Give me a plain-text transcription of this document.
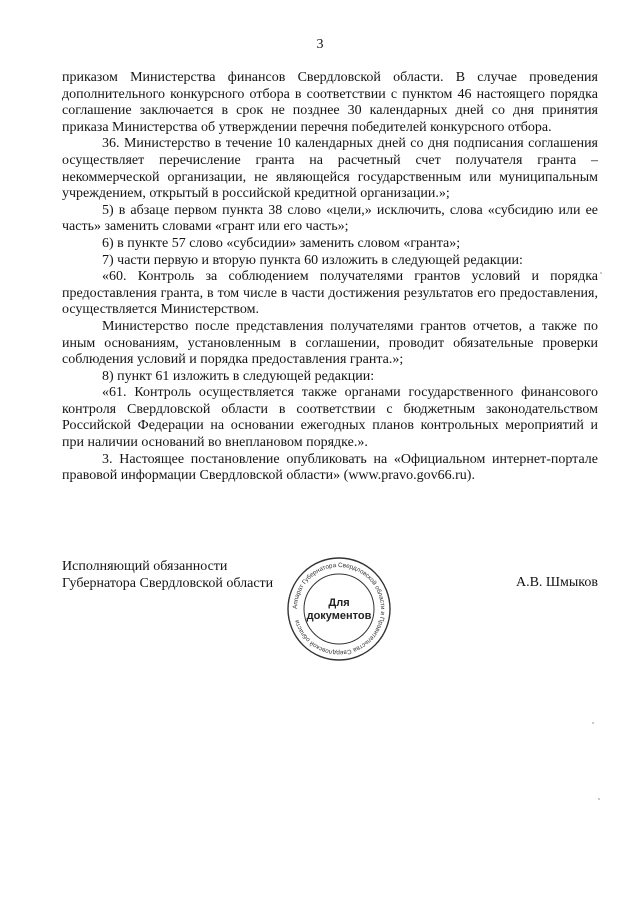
3

приказом Министерства финансов Свердловской области. В случае проведения дополнительного конкурсного отбора в соответствии с пунктом 46 настоящего порядка соглашение заключается в срок не позднее 30 календарных дней со дня принятия приказа Министерства об утверждении перечня победителей конкурсного отбора.

36. Министерство в течение 10 календарных дней со дня подписания соглашения осуществляет перечисление гранта на расчетный счет получателя гранта – некоммерческой организации, не являющейся государственным или муниципальным учреждением, открытый в российской кредитной организации.»;

5) в абзаце первом пункта 38 слово «цели,» исключить, слова «субсидию или ее часть» заменить словами «грант или его часть»;

6) в пункте 57 слово «субсидии» заменить словом «гранта»;

7) части первую и вторую пункта 60 изложить в следующей редакции:

«60. Контроль за соблюдением получателями грантов условий и порядка предоставления гранта, в том числе в части достижения результатов его предоставления, осуществляется Министерством.

Министерство после представления получателями грантов отчетов, а также по иным основаниям, установленным в соглашении, проводит обязательные проверки соблюдения условий и порядка предоставления гранта.»;

8) пункт 61 изложить в следующей редакции:

«61. Контроль осуществляется также органами государственного финансового контроля Свердловской области в соответствии с бюджетным законодательством Российской Федерации на основании ежегодных планов контрольных мероприятий и при наличии оснований во внеплановом порядке.».

3. Настоящее постановление опубликовать на «Официальном интернет-портале правовой информации Свердловской области» (www.pravo.gov66.ru).

Исполняющий обязанности
Губернатора Свердловской области
Аппарат Губернатора Свердловской области и Правительства Свердловской области
Для
документов
А.В. Шмыков
